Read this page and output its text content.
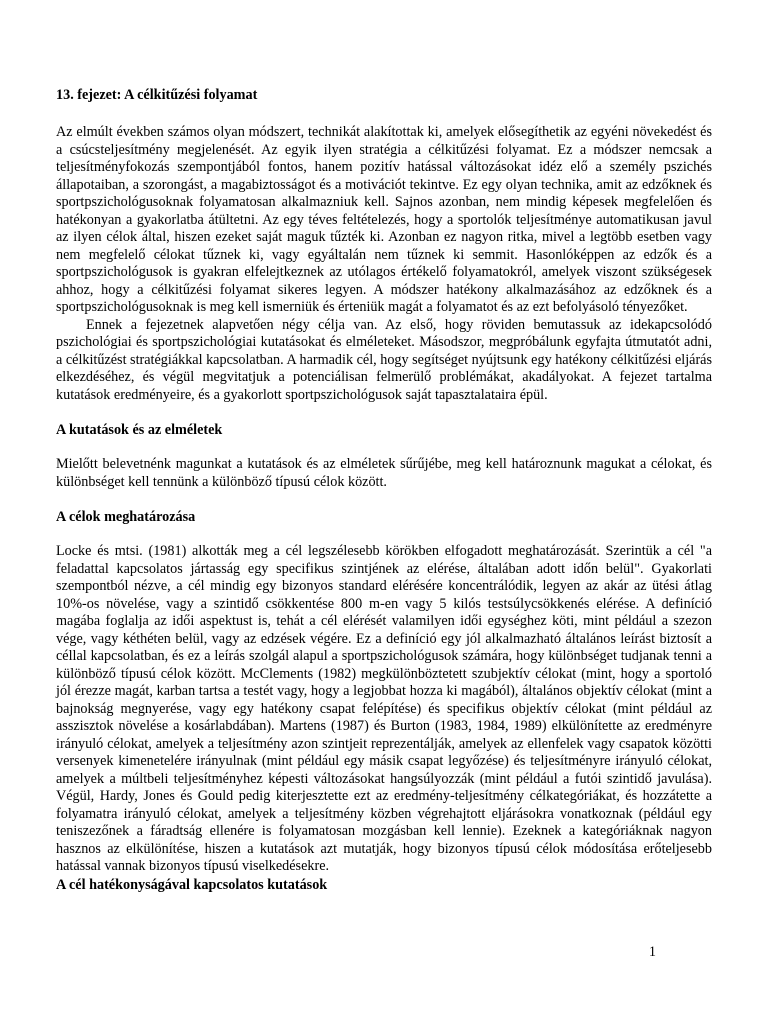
13. fejezet: A célkitűzési folyamat

Az elmúlt években számos olyan módszert, technikát alakítottak ki, amelyek elősegíthetik az egyéni növekedést és a csúcsteljesítmény megjelenését. Az egyik ilyen stratégia a célkitűzési folyamat. Ez a módszer nemcsak a teljesítményfokozás szempontjából fontos, hanem pozitív hatással változásokat idéz elő a személy pszichés állapotaiban, a szorongást, a magabiztosságot és a motivációt tekintve. Ez egy olyan technika, amit az edzőknek és sportpszichológusoknak folyamatosan alkalmazniuk kell. Sajnos azonban, nem mindig képesek megfelelően és hatékonyan a gyakorlatba átültetni. Az egy téves feltételezés, hogy a sportolók teljesítménye automatikusan javul az ilyen célok által, hiszen ezeket saját maguk tűzték ki. Azonban ez nagyon ritka, mivel a legtöbb esetben vagy nem megfelelő célokat tűznek ki, vagy egyáltalán nem tűznek ki semmit. Hasonlóképpen az edzők és a sportpszichológusok is gyakran elfelejtkeznek az utólagos értékelő folyamatokról, amelyek viszont szükségesek ahhoz, hogy a célkitűzési folyamat sikeres legyen. A módszer hatékony alkalmazásához az edzőknek és a sportpszichológusoknak is meg kell ismerniük és érteniük magát a folyamatot és az ezt befolyásoló tényezőket.

Ennek a fejezetnek alapvetően négy célja van. Az első, hogy röviden bemutassuk az idekapcsolódó pszichológiai és sportpszichológiai kutatásokat és elméleteket. Másodszor, megpróbálunk egyfajta útmutatót adni, a célkitűzést stratégiákkal kapcsolatban. A harmadik cél, hogy segítséget nyújtsunk egy hatékony célkitűzési eljárás elkezdéséhez, és végül megvitatjuk a potenciálisan felmerülő problémákat, akadályokat. A fejezet tartalma kutatások eredményeire, és a gyakorlott sportpszichológusok saját tapasztalataira épül.

A kutatások és az elméletek

Mielőtt belevetnénk magunkat a kutatások és az elméletek sűrűjébe, meg kell határoznunk magukat a célokat, és különbséget kell tennünk a különböző típusú célok között.

A célok meghatározása

Locke és mtsi. (1981) alkották meg a cél legszélesebb körökben elfogadott meghatározását. Szerintük a cél "a feladattal kapcsolatos jártasság egy specifikus szintjének az elérése, általában adott időn belül". Gyakorlati szempontból nézve, a cél mindig egy bizonyos standard elérésére koncentrálódik, legyen az akár az ütési átlag 10%-os növelése, vagy a szintidő csökkentése 800 m-en vagy 5 kilós testsúlycsökkenés elérése. A definíció magába foglalja az idői aspektust is, tehát a cél elérését valamilyen idői egységhez köti, mint például a szezon vége, vagy kéthéten belül, vagy az edzések végére. Ez a definíció egy jól alkalmazható általános leírást biztosít a céllal kapcsolatban, és ez a leírás szolgál alapul a sportpszichológusok számára, hogy különbséget tudjanak tenni a különböző típusú célok között. McClements (1982) megkülönböztetett szubjektív célokat (mint, hogy a sportoló jól érezze magát, karban tartsa a testét vagy, hogy a legjobbat hozza ki magából), általános objektív célokat (mint a bajnokság megnyerése, vagy egy hatékony csapat felépítése) és specifikus objektív célokat (mint például az asszisztok növelése a kosárlabdában). Martens (1987) és Burton (1983, 1984, 1989) elkülönítette az eredményre irányuló célokat, amelyek a teljesítmény azon szintjeit reprezentálják, amelyek az ellenfelek vagy csapatok közötti versenyek kimenetelére irányulnak (mint például egy másik csapat legyőzése) és teljesítményre irányuló célokat, amelyek a múltbeli teljesítményhez képesti változásokat hangsúlyozzák (mint például a futói szintidő javulása). Végül, Hardy, Jones és Gould pedig kiterjesztette ezt az eredmény-teljesítmény célkategóriákat, és hozzátette a folyamatra irányuló célokat, amelyek a teljesítmény közben végrehajtott eljárásokra vonatkoznak (például egy teniszezőnek a fáradtság ellenére is folyamatosan mozgásban kell lennie). Ezeknek a kategóriáknak nagyon hasznos az elkülönítése, hiszen a kutatások azt mutatják, hogy bizonyos típusú célok módosítása erőteljesebb hatással vannak bizonyos típusú viselkedésekre.

A cél hatékonyságával kapcsolatos kutatások
1
